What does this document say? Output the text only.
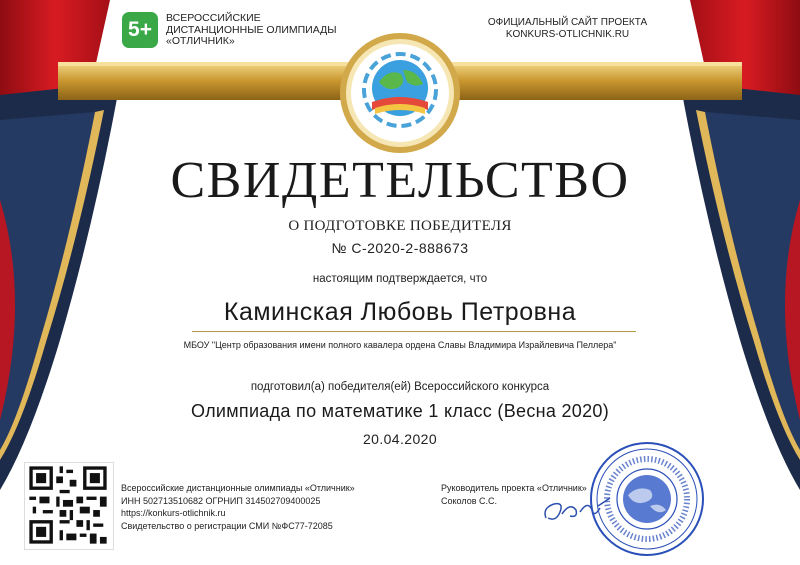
5+	ВСЕРОССИЙСКИЕ
ДИСТАНЦИОННЫЕ ОЛИМПИАДЫ
«ОТЛИЧНИК»
ОФИЦИАЛЬНЫЙ САЙТ ПРОЕКТА
KONKURS-OTLICHNIK.RU
СВИДЕТЕЛЬСТВО
О ПОДГОТОВКЕ ПОБЕДИТЕЛЯ
№ С-2020-2-888673
настоящим подтверждается, что
Каминская Любовь Петровна
МБОУ "Центр образования имени полного кавалера ордена Славы Владимира Израйлевича Пеллера"
подготовил(а) победителя(ей) Всероссийского конкурса
Олимпиада по математике 1 класс (Весна 2020)
20.04.2020
Всероссийские дистанционные олимпиады «Отличник»
ИНН 502713510682 ОГРНИП 314502709400025
https://konkurs-otlichnik.ru
Свидетельство о регистрации СМИ №ФС77-72085
Руководитель проекта «Отличник»
Соколов С.С.
